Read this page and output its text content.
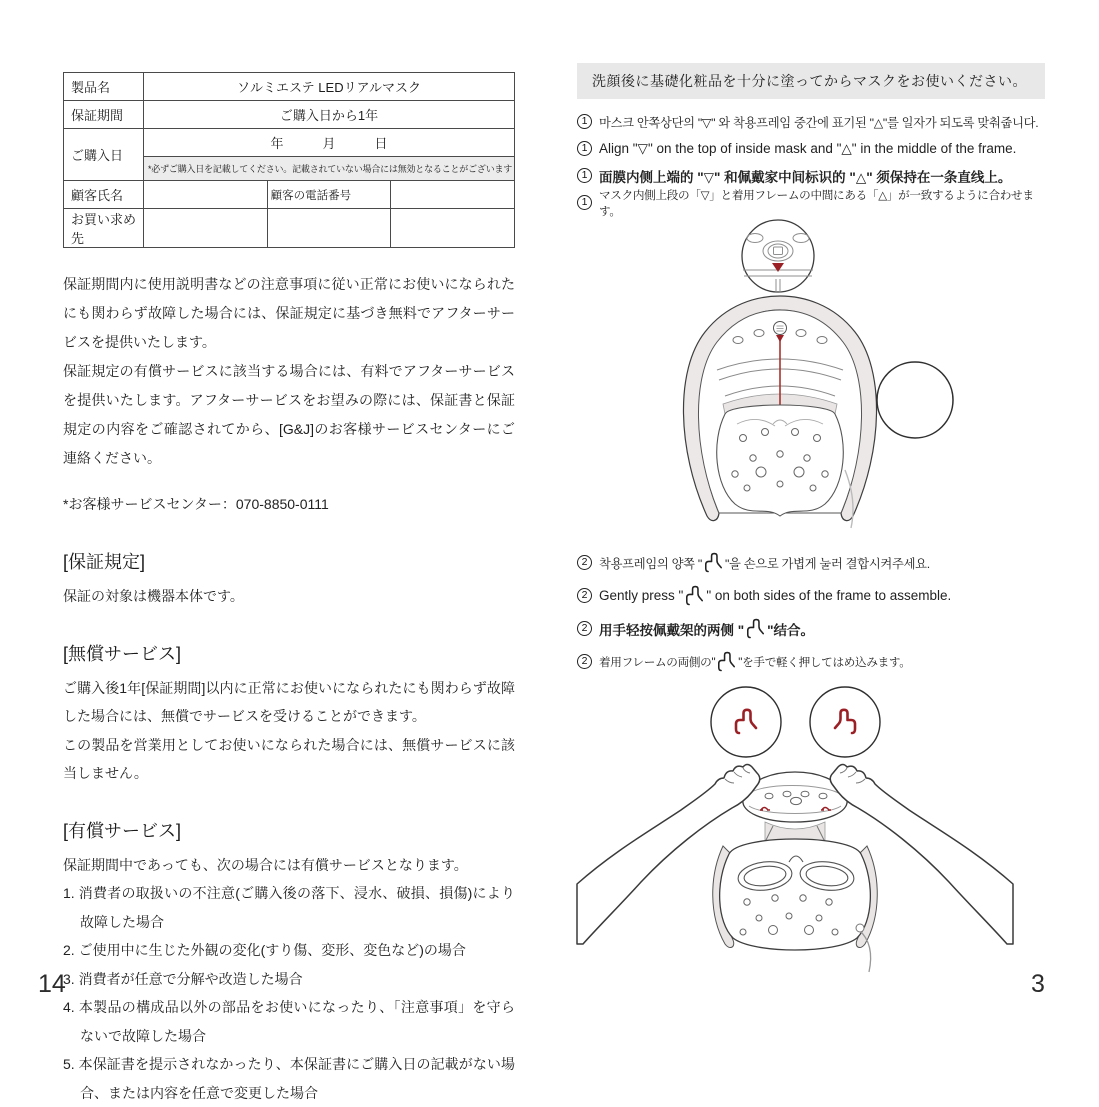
製品名	ソルミエステ LEDリアルマスク		
保証期間	ご購入日から1年		
ご購入日	年　　　月　　　日		
	*必ずご購入日を記載してください。記載されていない場合には無効となることがございます		
顧客氏名		顧客の電話番号	
お買い求め先			

保証期間内に使用説明書などの注意事項に従い正常にお使いになられたにも関わらず故障した場合には、保証規定に基づき無料でアフターサービスを提供いたします。

保証規定の有償サービスに該当する場合には、有料でアフターサービスを提供いたします。アフターサービスをお望みの際には、保証書と保証規定の内容をご確認されてから、[G&J]のお客様サービスセンターにご連絡ください。

*お客様サービスセンター：070-8850-0111

[保証規定]
保証の対象は機器本体です。
[無償サービス]
ご購入後1年[保証期間]以内に正常にお使いになられたにも関わらず故障した場合には、無償でサービスを受けることができます。
この製品を営業用としてお使いになられた場合には、無償サービスに該当しません。
[有償サービス]
保証期間中であっても、次の場合には有償サービスとなります。
1. 消費者の取扱いの不注意(ご購入後の落下、浸水、破損、損傷)により故障した場合
2. ご使用中に生じた外観の変化(すり傷、変形、変色など)の場合
3. 消費者が任意で分解や改造した場合
4. 本製品の構成品以外の部品をお使いになったり、「注意事項」を守らないで故障した場合
5. 本保証書を提示されなかったり、本保証書にご購入日の記載がない場合、または内容を任意で変更した場合
14
洗顔後に基礎化粧品を十分に塗ってからマスクをお使いください。
1 마스크 안쪽상단의 "▽" 와 착용프레임 중간에 표기된 "△"를 일자가 되도록 맞춰줍니다.
1 Align "▽" on the top of inside mask and "△" in the middle of the frame.
1 面膜内侧上端的 "▽" 和佩戴家中间标识的 "△" 须保持在一条直线上。
1
マスク内側上段の「▽」と着用フレームの中間にある「△」が一致するように合わせます。
2 착용프레임의 양쪽 " "을 손으로 가볍게 눌러 결합시켜주세요.
2 Gently press " " on both sides of the frame to assemble.
2 用手轻按佩戴架的两侧 " "结合。
2 着用フレームの両側の" "を手で軽く押してはめ込みます。
3
